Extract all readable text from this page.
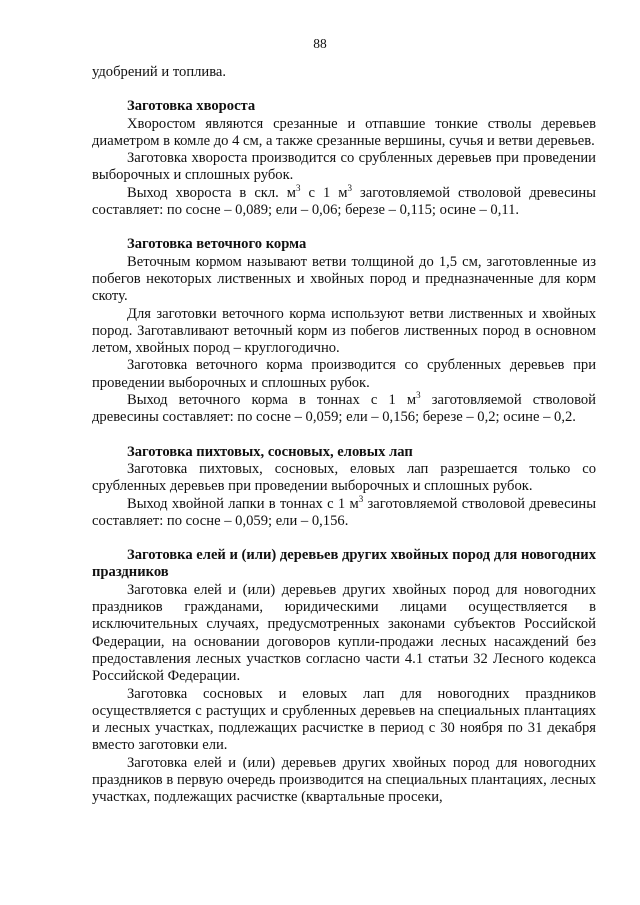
88

удобрений и топлива.

Заготовка хвороста

Хворостом являются срезанные и отпавшие тонкие стволы деревьев диаметром в комле до 4 см, а также срезанные вершины, сучья и ветви деревьев.

Заготовка хвороста производится со срубленных деревьев при проведении выборочных и сплошных рубок.

Выход хвороста в скл. $м^3$ с 1 $м^3$ заготовляемой стволовой древесины составляет: по сосне – 0,089; ели – 0,06; березе – 0,115; осине – 0,11.

Заготовка веточного корма

Веточным кормом называют ветви толщиной до 1,5 см, заготовленные из побегов некоторых лиственных и хвойных пород и предназначенные для корм скоту.

Для заготовки веточного корма используют ветви лиственных и хвойных пород. Заготавливают веточный корм из побегов лиственных пород в основном летом, хвойных пород – круглогодично.

Заготовка веточного корма производится со срубленных деревьев при проведении выборочных и сплошных рубок.

Выход веточного корма в тоннах с 1 $м^3$ заготовляемой стволовой древесины составляет: по сосне – 0,059; ели – 0,156; березе – 0,2; осине – 0,2.

Заготовка пихтовых, сосновых, еловых лап

Заготовка пихтовых, сосновых, еловых лап разрешается только со срубленных деревьев при проведении выборочных и сплошных рубок.

Выход хвойной лапки в тоннах с 1 $м^3$ заготовляемой стволовой древесины составляет: по сосне – 0,059; ели – 0,156.

Заготовка елей и (или) деревьев других хвойных пород для новогодних праздников

Заготовка елей и (или) деревьев других хвойных пород для новогодних праздников гражданами, юридическими лицами осуществляется в исключительных случаях, предусмотренных законами субъектов Российской Федерации, на основании договоров купли-продажи лесных насаждений без предоставления лесных участков согласно части 4.1 статьи 32 Лесного кодекса Российской Федерации.

Заготовка сосновых и еловых лап для новогодних праздников осуществляется с растущих и срубленных деревьев на специальных плантациях и лесных участках, подлежащих расчистке в период с 30 ноября по 31 декабря вместо заготовки ели.

Заготовка елей и (или) деревьев других хвойных пород для новогодних праздников в первую очередь производится на специальных плантациях, лесных участках, подлежащих расчистке (квартальные просеки,
